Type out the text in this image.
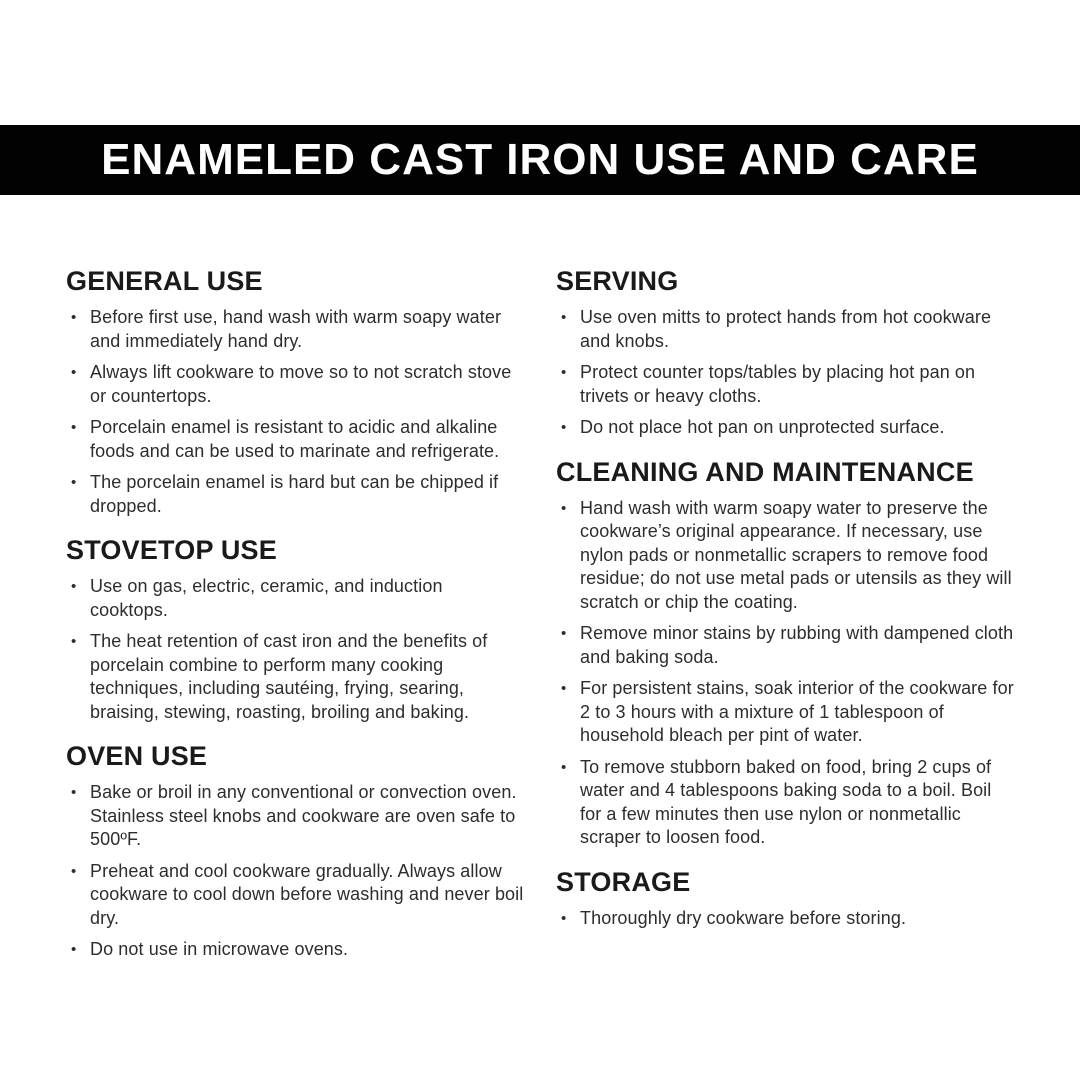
ENAMELED CAST IRON USE AND CARE
GENERAL USE
• Before first use, hand wash with warm soapy water and immediately hand dry.

• Always lift cookware to move so to not scratch stove or countertops.

• Porcelain enamel is resistant to acidic and alkaline foods and can be used to marinate and refrigerate.

• The porcelain enamel is hard but can be chipped if dropped.

STOVETOP USE
• Use on gas, electric, ceramic, and induction cooktops.

• The heat retention of cast iron and the benefits of porcelain combine to perform many cooking techniques, including sautéing, frying, searing, braising, stewing, roasting, broiling and baking.

OVEN USE
• Bake or broil in any conventional or convection oven. Stainless steel knobs and cookware are oven safe to 500ºF.

• Preheat and cool cookware gradually. Always allow cookware to cool down before washing and never boil dry.

• Do not use in microwave ovens.

SERVING
• Use oven mitts to protect hands from hot cookware and knobs.

• Protect counter tops/tables by placing hot pan on trivets or heavy cloths.

• Do not place hot pan on unprotected surface.

CLEANING AND MAINTENANCE
• Hand wash with warm soapy water to preserve the cookware’s original appearance. If necessary, use nylon pads or nonmetallic scrapers to remove food residue; do not use metal pads or utensils as they will scratch or chip the coating.

• Remove minor stains by rubbing with dampened cloth and baking soda.

• For persistent stains, soak interior of the cookware for 2 to 3 hours with a mixture of 1 tablespoon of household bleach per pint of water.

• To remove stubborn baked on food, bring 2 cups of water and 4 tablespoons baking soda to a boil. Boil for a few minutes then use nylon or nonmetallic scraper to loosen food.

STORAGE
• Thoroughly dry cookware before storing.
